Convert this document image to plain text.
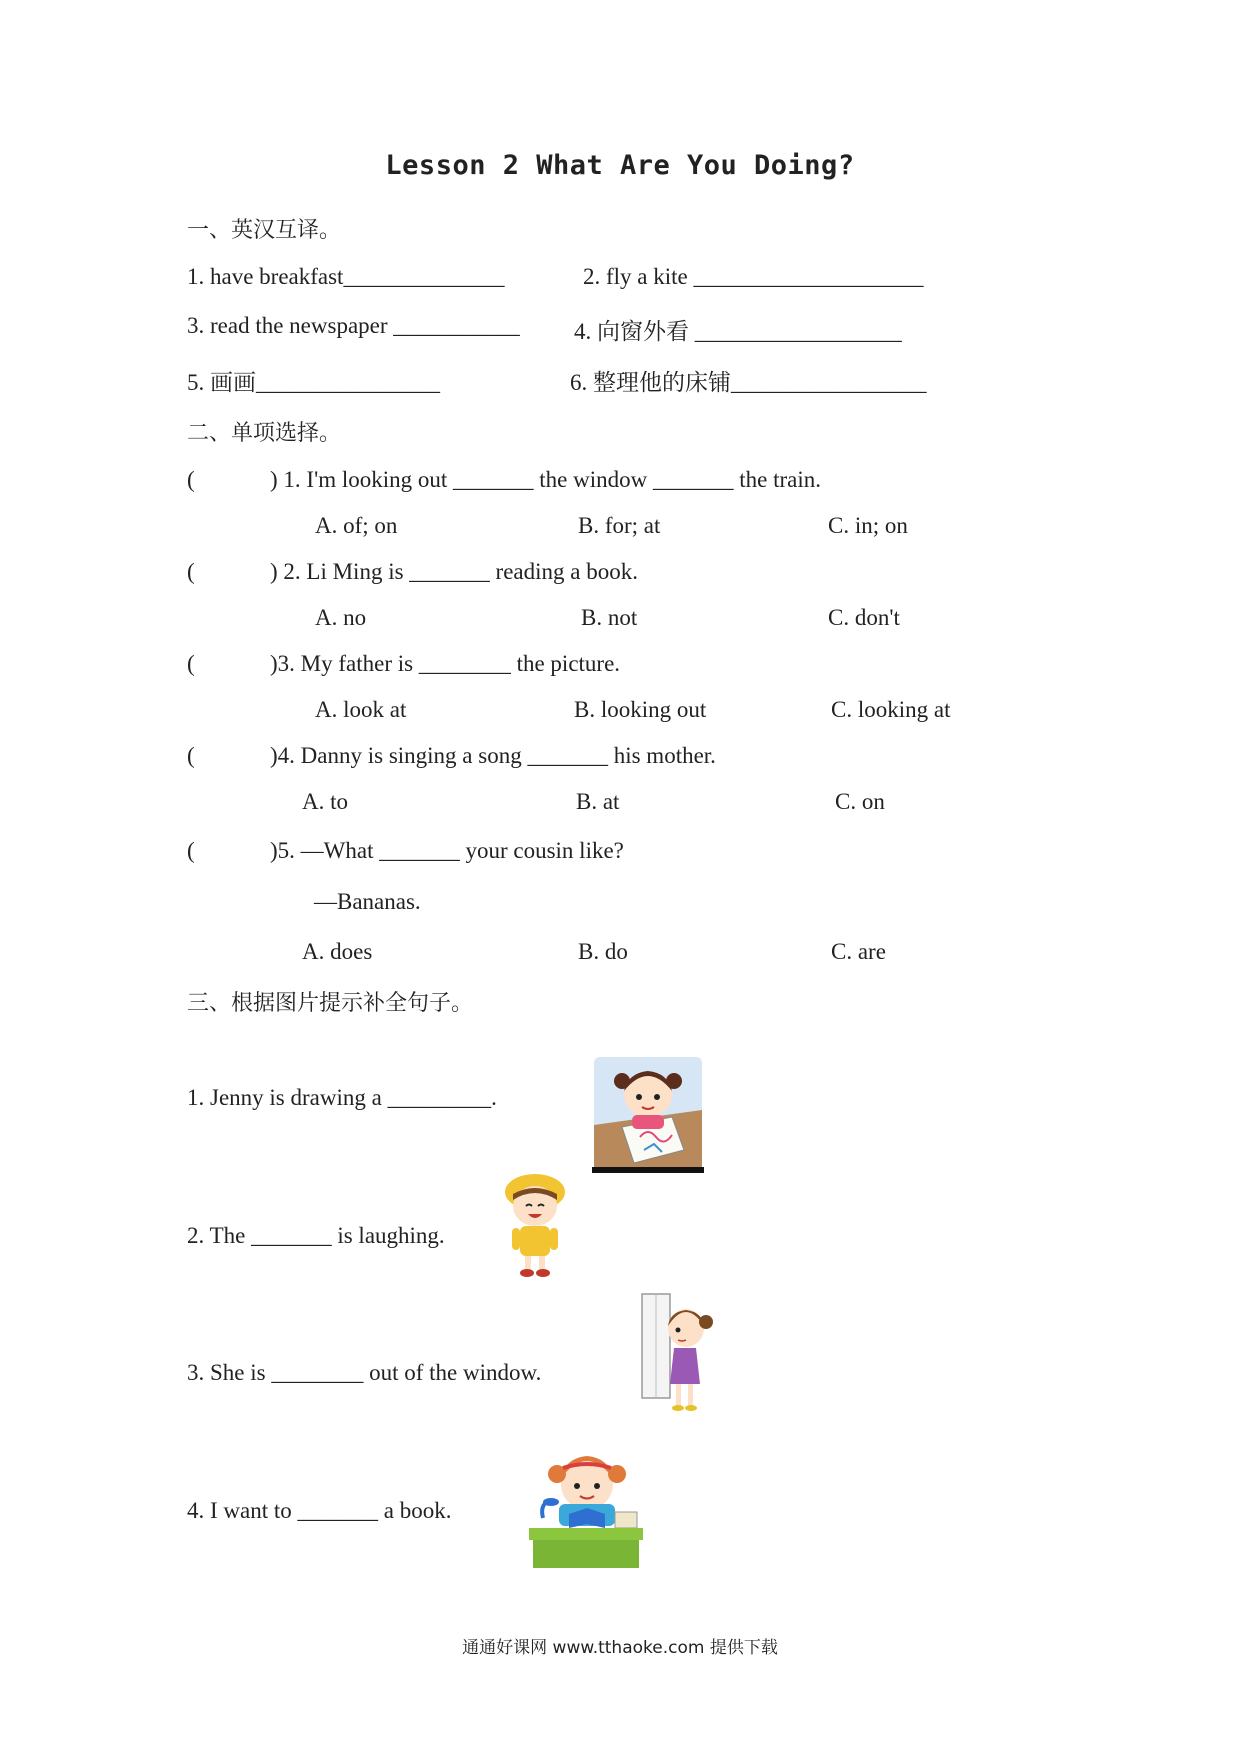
Lesson 2 What Are You Doing?
一、英汉互译。
1. have breakfast______________	2. fly a kite ____________________
3. read the newspaper ___________ 4. 向窗外看 __________________
5. 画画________________	6. 整理他的床铺_________________
二、单项选择。
(	) 1. I'm looking out _______ the window _______ the train.
A. of; on	B. for; at	C. in; on
(	) 2. Li Ming is _______ reading a book.
A. no	B. not	C. don't
(	)3. My father is ________ the picture.
A. look at	B. looking out	C. looking at
(	)4. Danny is singing a song _______ his mother.
A. to	B. at	C. on
(	)5. —What _______ your cousin like?
—Bananas.
A. does	B. do	C. are
三、根据图片提示补全句子。
1. Jenny is drawing a _________.
2. The _______ is laughing.
3. She is ________ out of the window.
4. I want to _______ a book.
通通好课网 www.tthaoke.com 提供下载
